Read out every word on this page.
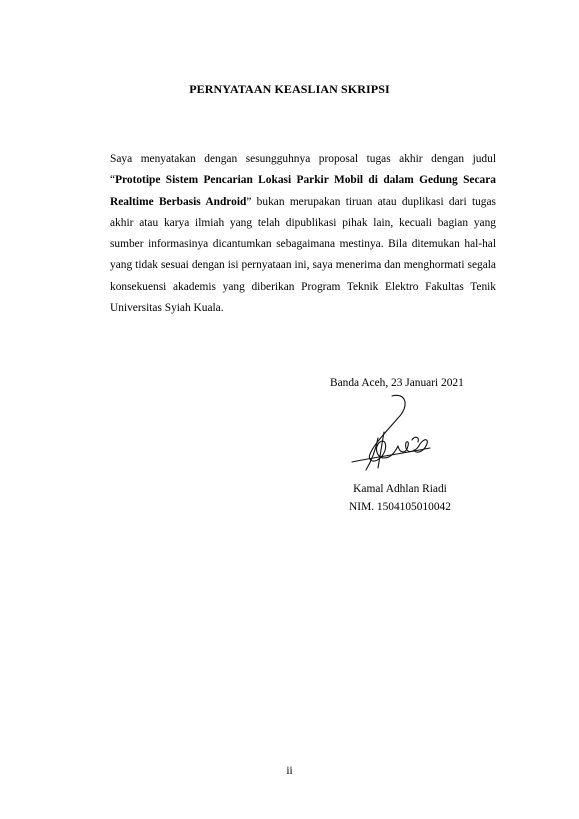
PERNYATAAN KEASLIAN SKRIPSI
Saya menyatakan dengan sesungguhnya proposal tugas akhir dengan judul “Prototipe Sistem Pencarian Lokasi Parkir Mobil di dalam Gedung Secara Realtime Berbasis Android” bukan merupakan tiruan atau duplikasi dari tugas akhir atau karya ilmiah yang telah dipublikasi pihak lain, kecuali bagian yang sumber informasinya dicantumkan sebagaimana mestinya. Bila ditemukan hal-hal yang tidak sesuai dengan isi pernyataan ini, saya menerima dan menghormati segala konsekuensi akademis yang diberikan Program Teknik Elektro Fakultas Tenik Universitas Syiah Kuala.
Banda Aceh, 23 Januari 2021
Kamal Adhlan Riadi
NIM. 1504105010042
ii
